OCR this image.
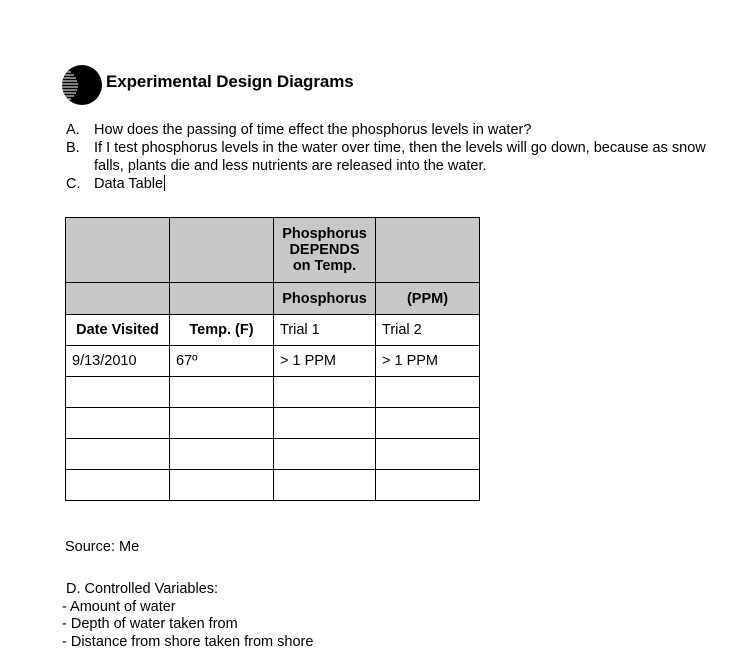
Experimental Design Diagrams
A. How does the passing of time effect the phosphorus levels in water?
B. If I test phosphorus levels in the water over time, then the levels will go down, because as snow falls, plants die and less nutrients are released into the water.
C. Data Table
		Phosphorus DEPENDS on Temp.	
		Phosphorus	(PPM)
Date Visited	Temp. (F)	Trial 1	Trial 2
9/13/2010	67º	> 1 PPM	> 1 PPM

Source: Me
D. Controlled Variables:
- Amount of water
- Depth of water taken from
- Distance from shore taken from shore
